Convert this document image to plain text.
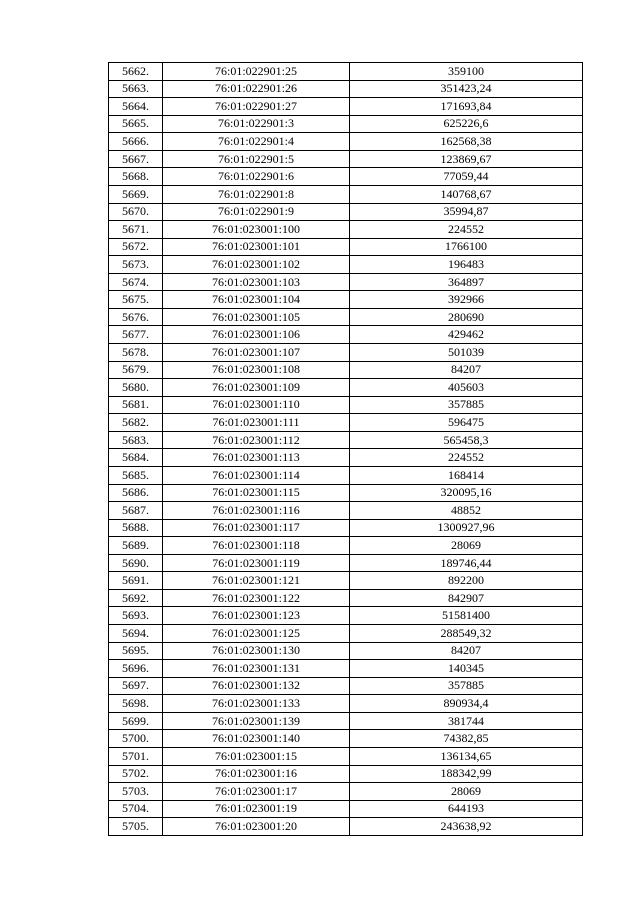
5662.	76:01:022901:25	359100
5663.	76:01:022901:26	351423,24
5664.	76:01:022901:27	171693,84
5665.	76:01:022901:3	625226,6
5666.	76:01:022901:4	162568,38
5667.	76:01:022901:5	123869,67
5668.	76:01:022901:6	77059,44
5669.	76:01:022901:8	140768,67
5670.	76:01:022901:9	35994,87
5671.	76:01:023001:100	224552
5672.	76:01:023001:101	1766100
5673.	76:01:023001:102	196483
5674.	76:01:023001:103	364897
5675.	76:01:023001:104	392966
5676.	76:01:023001:105	280690
5677.	76:01:023001:106	429462
5678.	76:01:023001:107	501039
5679.	76:01:023001:108	84207
5680.	76:01:023001:109	405603
5681.	76:01:023001:110	357885
5682.	76:01:023001:111	596475
5683.	76:01:023001:112	565458,3
5684.	76:01:023001:113	224552
5685.	76:01:023001:114	168414
5686.	76:01:023001:115	320095,16
5687.	76:01:023001:116	48852
5688.	76:01:023001:117	1300927,96
5689.	76:01:023001:118	28069
5690.	76:01:023001:119	189746,44
5691.	76:01:023001:121	892200
5692.	76:01:023001:122	842907
5693.	76:01:023001:123	51581400
5694.	76:01:023001:125	288549,32
5695.	76:01:023001:130	84207
5696.	76:01:023001:131	140345
5697.	76:01:023001:132	357885
5698.	76:01:023001:133	890934,4
5699.	76:01:023001:139	381744
5700.	76:01:023001:140	74382,85
5701.	76:01:023001:15	136134,65
5702.	76:01:023001:16	188342,99
5703.	76:01:023001:17	28069
5704.	76:01:023001:19	644193
5705.	76:01:023001:20	243638,92
